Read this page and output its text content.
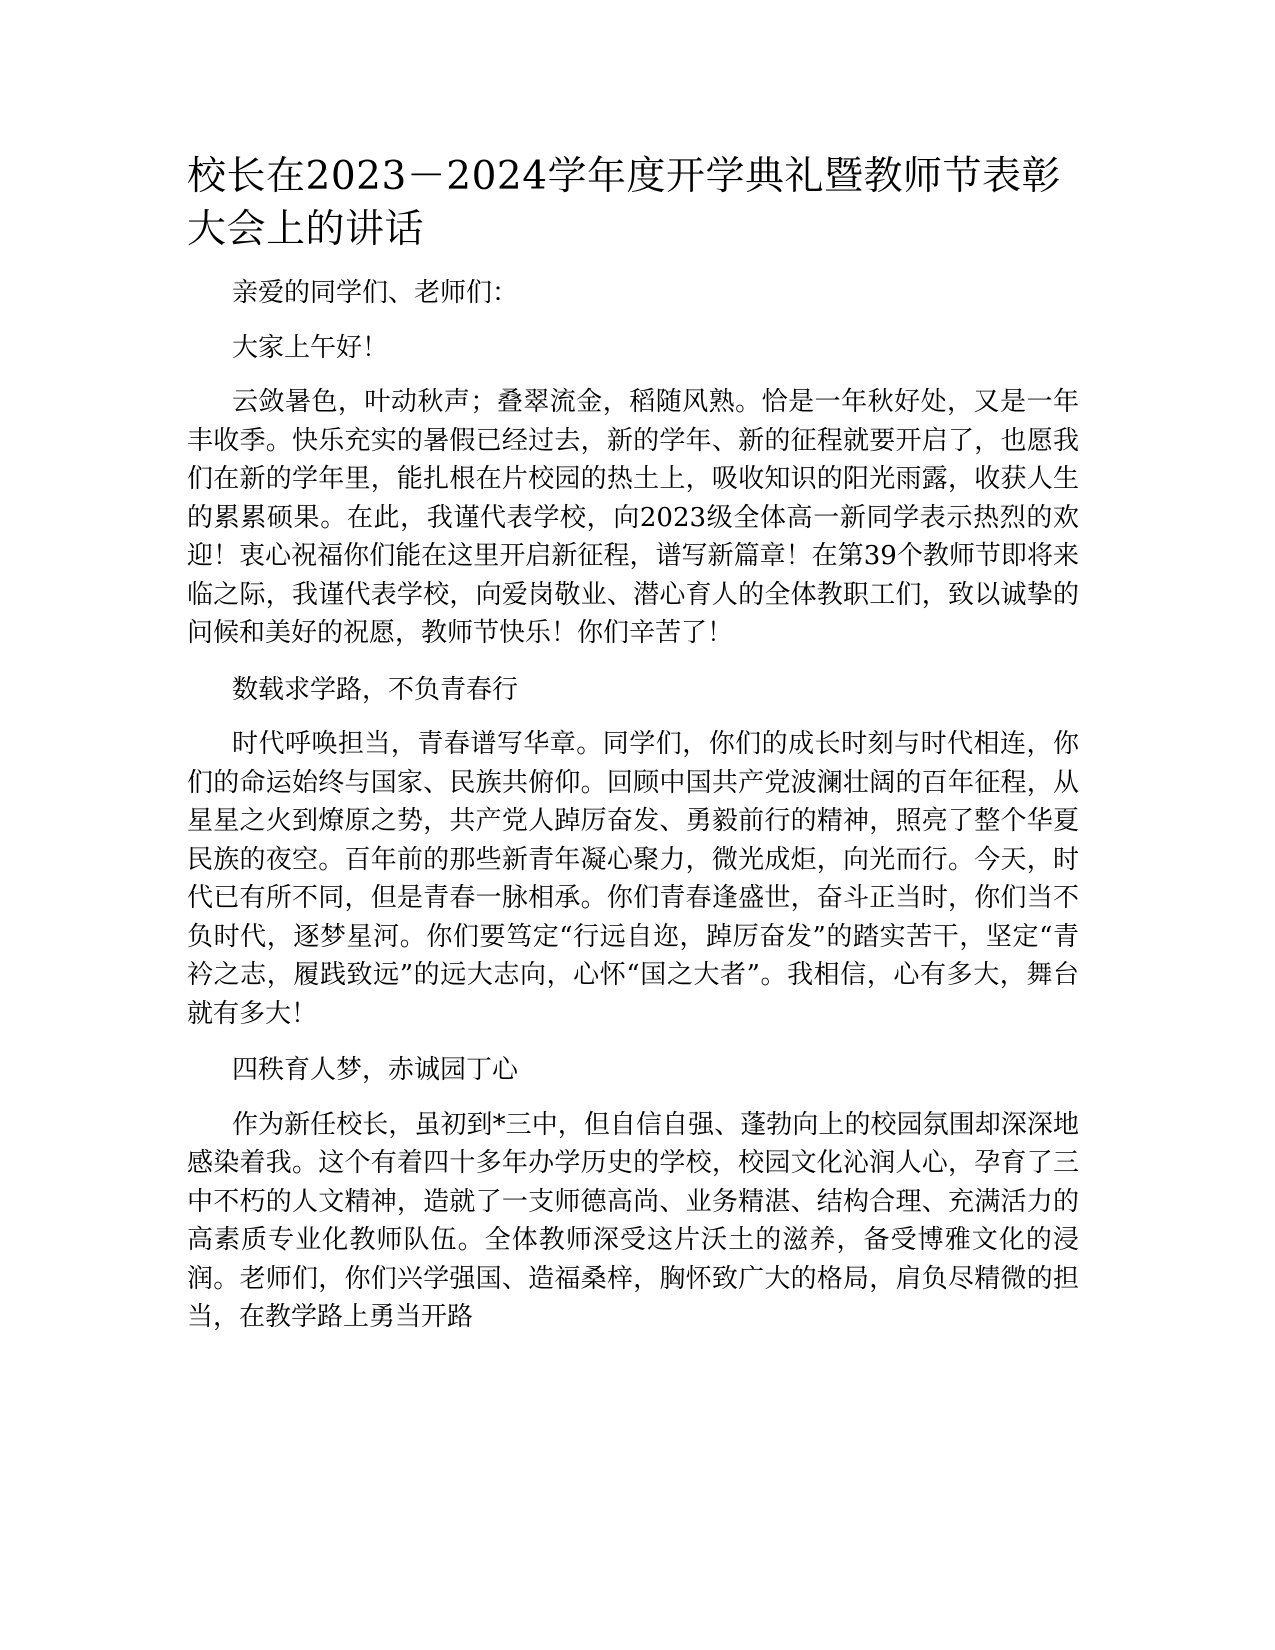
校长在2023－2024学年度开学典礼暨教师节表彰大会上的讲话

亲爱的同学们、老师们：

大家上午好！

云敛暑色，叶动秋声；叠翠流金，稻随风熟。恰是一年秋好处，又是一年丰收季。快乐充实的暑假已经过去，新的学年、新的征程就要开启了，也愿我们在新的学年里，能扎根在片校园的热土上，吸收知识的阳光雨露，收获人生的累累硕果。在此，我谨代表学校，向2023级全体高一新同学表示热烈的欢迎！衷心祝福你们能在这里开启新征程，谱写新篇章！在第39个教师节即将来临之际，我谨代表学校，向爱岗敬业、潜心育人的全体教职工们，致以诚挚的问候和美好的祝愿，教师节快乐！你们辛苦了！

数载求学路，不负青春行

时代呼唤担当，青春谱写华章。同学们，你们的成长时刻与时代相连，你们的命运始终与国家、民族共俯仰。回顾中国共产党波澜壮阔的百年征程，从星星之火到燎原之势，共产党人踔厉奋发、勇毅前行的精神，照亮了整个华夏民族的夜空。百年前的那些新青年凝心聚力，微光成炬，向光而行。今天，时代已有所不同，但是青春一脉相承。你们青春逢盛世，奋斗正当时，你们当不负时代，逐梦星河。你们要笃定“行远自迩，踔厉奋发”的踏实苦干，坚定“青衿之志，履践致远”的远大志向，心怀“国之大者”。我相信，心有多大，舞台就有多大！

四秩育人梦，赤诚园丁心

作为新任校长，虽初到*三中，但自信自强、蓬勃向上的校园氛围却深深地感染着我。这个有着四十多年办学历史的学校，校园文化沁润人心，孕育了三中不朽的人文精神，造就了一支师德高尚、业务精湛、结构合理、充满活力的高素质专业化教师队伍。全体教师深受这片沃土的滋养，备受博雅文化的浸润。老师们，你们兴学强国、造福桑梓，胸怀致广大的格局，肩负尽精微的担当，在教学路上勇当开路
